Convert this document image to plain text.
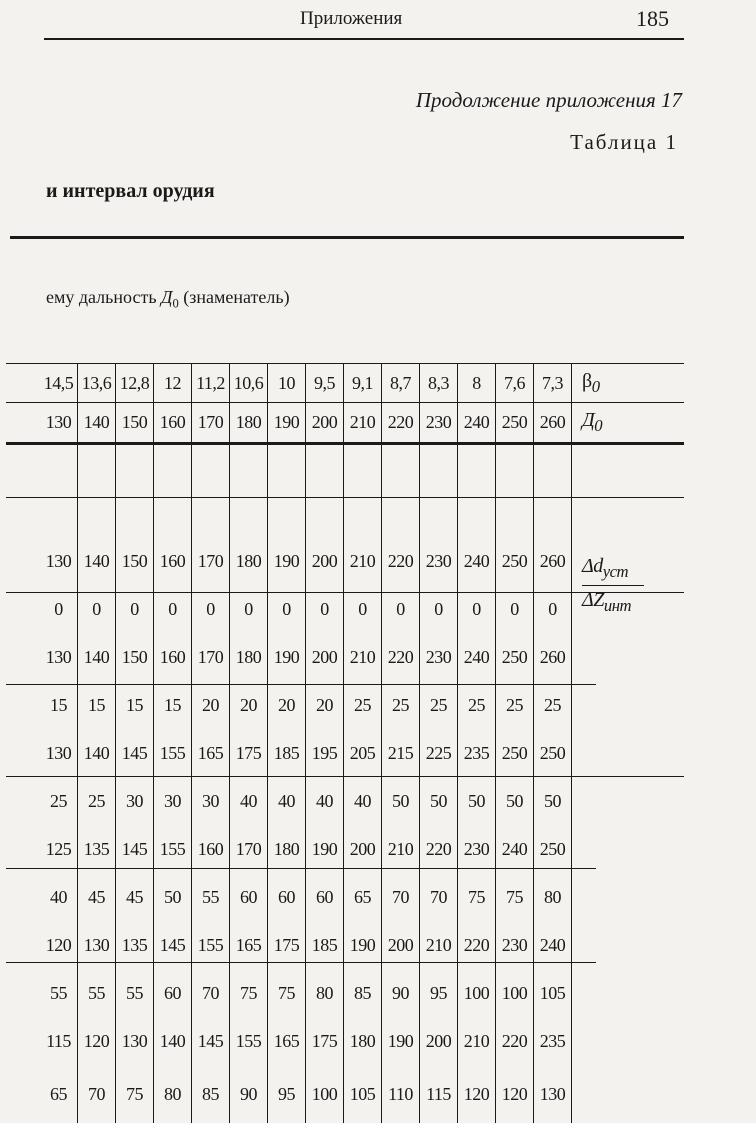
Приложения	185
Продолжение приложения 17
Таблица 1
и интервал орудия
ему дальность $Д_0$ (знаменатель)
14,5	13,6	12,8	12	11,2	10,6	10	9,5	9,1	8,7	8,3	8	7,6	7,3	$\beta_0$
130	140	150	160	170	180	190	200	210	220	230	240	250	260	$Д_0$

130	140	150	160	170	180	190	200	210	220	230	240	250	260	$\Delta d_{уст}$
$\Delta Z_{инт}$

0	0	0	0	0	0	0	0	0	0	0	0	0	0	
130	140	150	160	170	180	190	200	210	220	230	240	250	260	
15	15	15	15	20	20	20	20	25	25	25	25	25	25	
130	140	145	155	165	175	185	195	205	215	225	235	250	250	
25	25	30	30	30	40	40	40	40	50	50	50	50	50	
125	135	145	155	160	170	180	190	200	210	220	230	240	250	
40	45	45	50	55	60	60	60	65	70	70	75	75	80	
120	130	135	145	155	165	175	185	190	200	210	220	230	240	
55	55	55	60	70	75	75	80	85	90	95	100	100	105	
115	120	130	140	145	155	165	175	180	190	200	210	220	235	
65	70	75	80	85	90	95	100	105	110	115	120	120	130	
